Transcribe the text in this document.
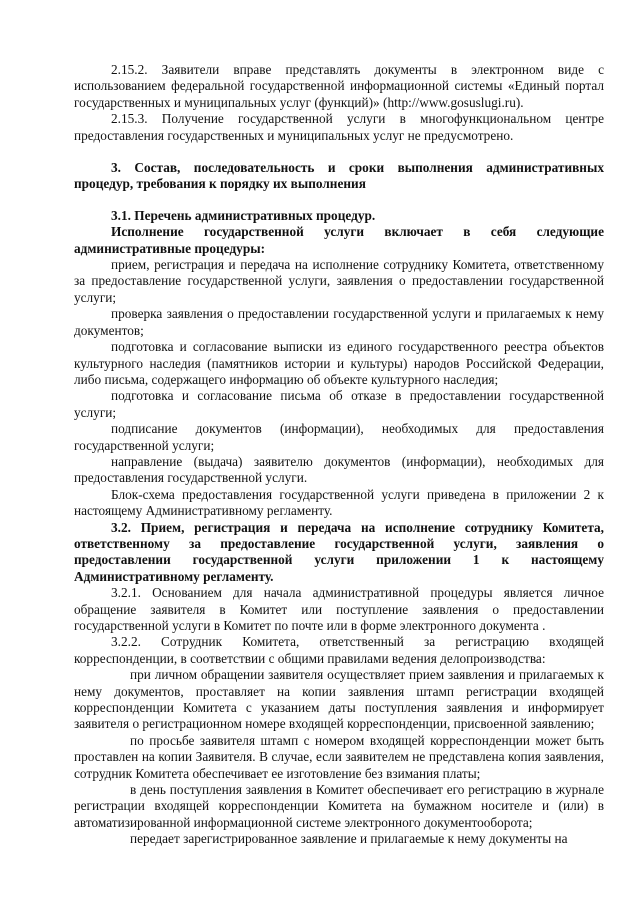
2.15.2. Заявители вправе представлять документы в электронном виде с использованием федеральной государственной информационной системы «Единый портал государственных и муниципальных услуг (функций)» (http://www.gosuslugi.ru).

2.15.3. Получение государственной услуги в многофункциональном центре предоставления государственных и муниципальных услуг не предусмотрено.

3. Состав, последовательность и сроки выполнения административных процедур, требования к порядку их выполнения

3.1. Перечень административных процедур.

Исполнение государственной услуги включает в себя следующие административные процедуры:

прием, регистрация и передача на исполнение сотруднику Комитета, ответственному за предоставление государственной услуги, заявления о предоставлении государственной услуги;

проверка заявления о предоставлении государственной услуги и прилагаемых к нему документов;

подготовка и согласование выписки из единого государственного реестра объектов культурного наследия (памятников истории и культуры) народов Российской Федерации, либо письма, содержащего информацию об объекте культурного наследия;

подготовка и согласование письма об отказе в предоставлении государственной услуги;

подписание документов (информации), необходимых для предоставления государственной услуги;

направление (выдача) заявителю документов (информации), необходимых для предоставления государственной услуги.

Блок-схема предоставления государственной услуги приведена в приложении 2 к настоящему Административному регламенту.

3.2. Прием, регистрация и передача на исполнение сотруднику Комитета, ответственному за предоставление государственной услуги, заявления о предоставлении государственной услуги приложении 1 к настоящему Административному регламенту.

3.2.1. Основанием для начала административной процедуры является личное обращение заявителя в Комитет или поступление заявления о предоставлении государственной услуги в Комитет по почте или в форме электронного документа .

3.2.2. Сотрудник Комитета, ответственный за регистрацию входящей корреспонденции, в соответствии с общими правилами ведения делопроизводства:

при личном обращении заявителя осуществляет прием заявления и прилагаемых к нему документов, проставляет на копии заявления штамп регистрации входящей корреспонденции Комитета с указанием даты поступления заявления и информирует заявителя о регистрационном номере входящей корреспонденции, присвоенной заявлению;

по просьбе заявителя штамп с номером входящей корреспонденции может быть проставлен на копии Заявителя. В случае, если заявителем не представлена копия заявления, сотрудник Комитета обеспечивает ее изготовление без взимания платы;

в день поступления заявления в Комитет обеспечивает его регистрацию в журнале регистрации входящей корреспонденции Комитета на бумажном носителе и (или) в автоматизированной информационной системе электронного документооборота;

передает зарегистрированное заявление и прилагаемые к нему документы на
